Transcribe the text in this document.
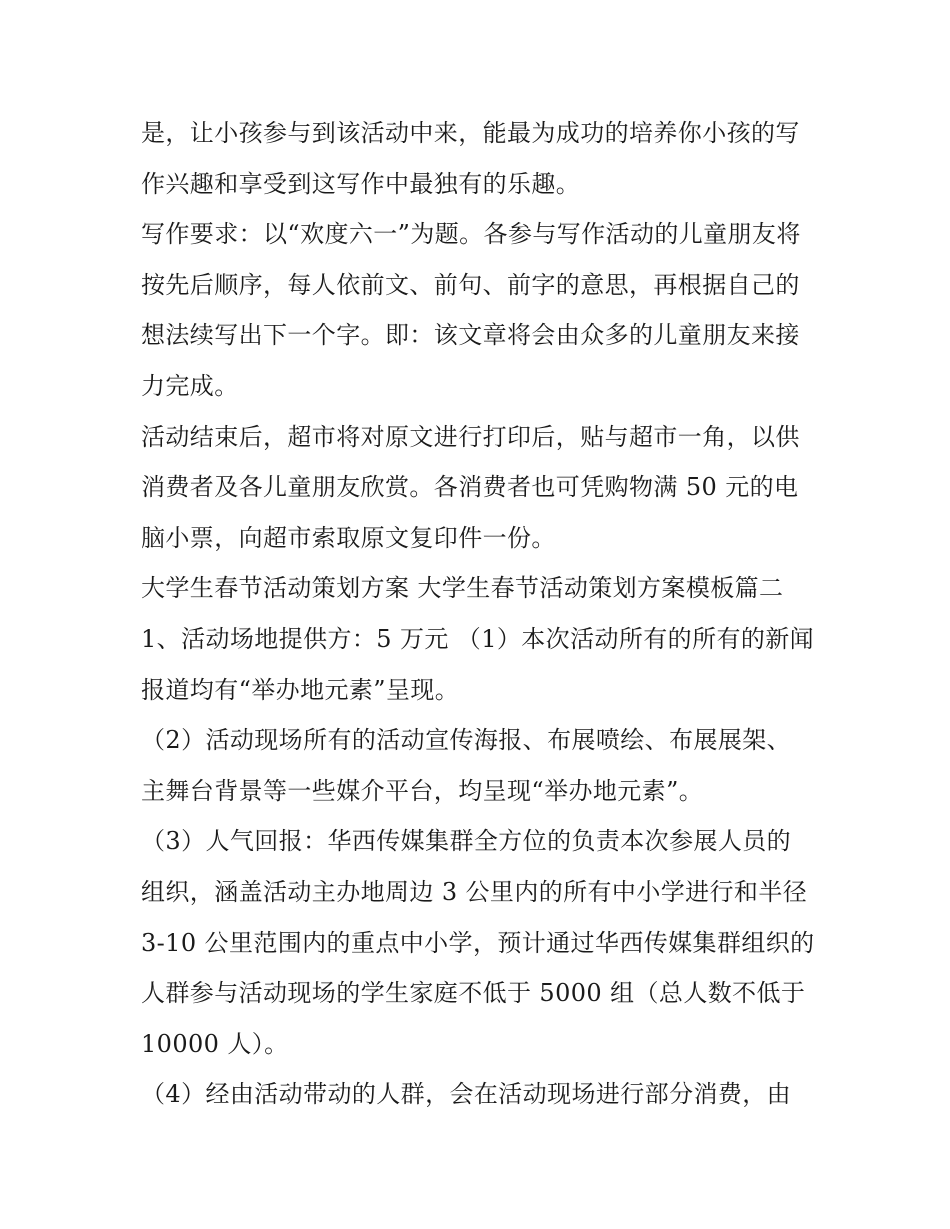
是，让小孩参与到该活动中来，能最为成功的培养你小孩的写
作兴趣和享受到这写作中最独有的乐趣。
写作要求：以“欢度六一”为题。各参与写作活动的儿童朋友将
按先后顺序，每人依前文、前句、前字的意思，再根据自己的
想法续写出下一个字。即：该文章将会由众多的儿童朋友来接
力完成。
活动结束后，超市将对原文进行打印后，贴与超市一角，以供
消费者及各儿童朋友欣赏。各消费者也可凭购物满 50 元的电
脑小票，向超市索取原文复印件一份。
大学生春节活动策划方案 大学生春节活动策划方案模板篇二
1、活动场地提供方：5 万元 （1）本次活动所有的所有的新闻
报道均有“举办地元素”呈现。
（2）活动现场所有的活动宣传海报、布展喷绘、布展展架、
主舞台背景等一些媒介平台，均呈现“举办地元素”。
（3）人气回报：华西传媒集群全方位的负责本次参展人员的
组织，涵盖活动主办地周边 3 公里内的所有中小学进行和半径
3-10 公里范围内的重点中小学，预计通过华西传媒集群组织的
人群参与活动现场的学生家庭不低于 5000 组（总人数不低于
10000 人）。
（4）经由活动带动的人群，会在活动现场进行部分消费，由
